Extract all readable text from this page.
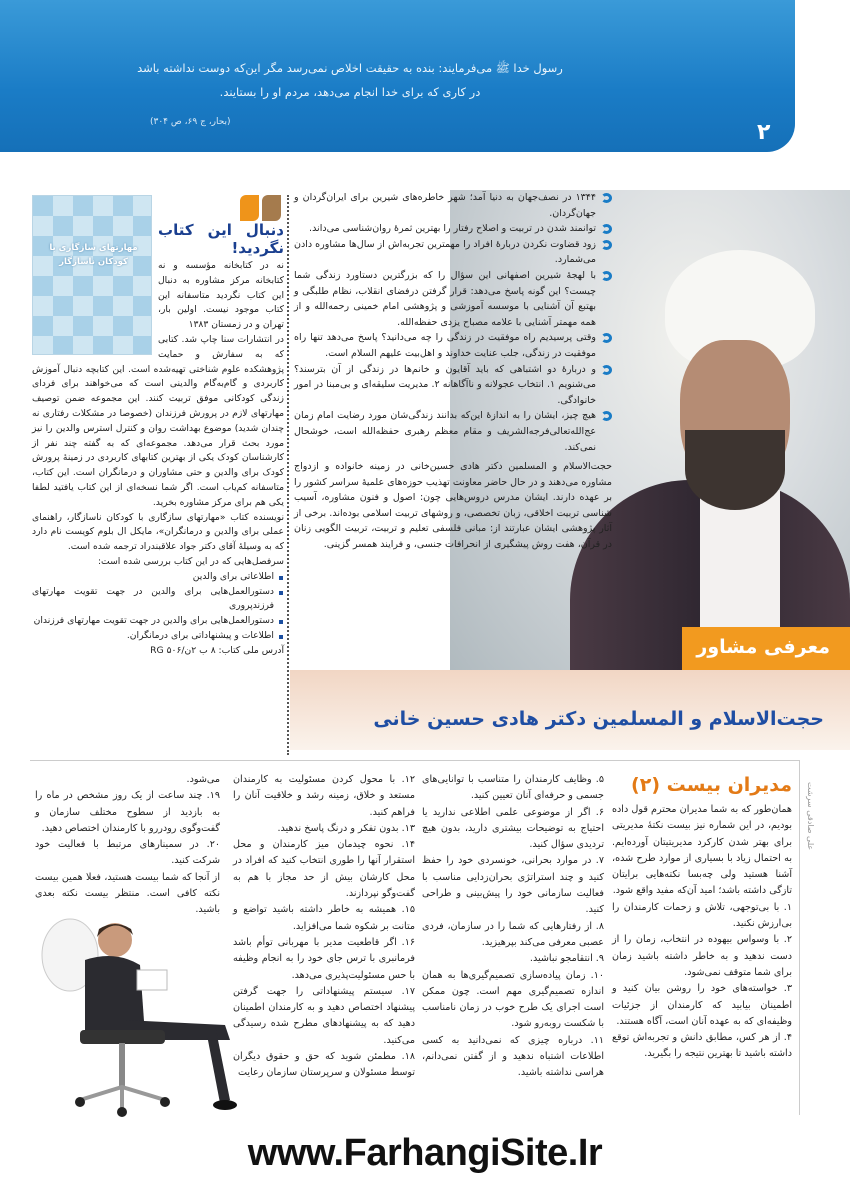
رسول خدا ﷺ می‌فرمایند: بنده به حقیقت اخلاص نمی‌رسد مگر این‌که دوست نداشته باشد
در کاری که برای خدا انجام می‌دهد، مردم او را بستایند.
(بحار، ج ۶۹، ص ۳۰۴)	۲
۱۳۴۴ در نصف‌جهان به دنیا آمد؛ شهر خاطره‌های شیرین برای ایران‌گردان و جهان‌گردان.
توانمند شدن در تربیت و اصلاح رفتار را بهترین ثمرهٔ روان‌شناسی می‌داند.
زود قضاوت نکردن دربارهٔ افراد را مهمترین تجربه‌اش از سال‌ها مشاوره دادن می‌شمارد.
با لهجهٔ شیرین اصفهانی این سؤال را که بزرگترین دستاورد زندگی شما چیست؟ این گونه پاسخ می‌دهد: قرار گرفتن درفضای انقلاب، نظام طلبگی و بهتبع آن آشنایی با موسسه آموزشی و پژوهشی امام خمینی رحمه‌الله و از همه مهمتر آشنایی با علامه مصباح یزدی حفظه‌الله.
وقتی پرسیدیم راه موفقیت در زندگی را چه می‌دانید؟ پاسخ می‌دهد تنها راه موفقیت در زندگی، جلب عنایت خداوند و اهل‌بیت علیهم السلام است.
و دربارهٔ دو اشتباهی که باید آقایون و خانم‌ها در زندگی از آن بترسند؟ می‌شنویم ۱. انتخاب عجولانه و ناآگاهانه ۲. مدیریت سلیقه‌ای و بی‌مبنا در امور خانوادگی.
هیچ چیز، ایشان را به اندازهٔ این‌که بدانند زندگی‌شان مورد رضایت امام زمان عج‌الله‌تعالی‌فرجه‌الشریف و مقام معظم رهبری حفظه‌الله است، خوشحال نمی‌کند.

حجت‌الاسلام و المسلمین دکتر هادی حسین‌خانی در زمینه خانواده و ازدواج مشاوره می‌دهند و در حال حاضر معاونت تهذیب حوزه‌های علمیهٔ سراسر کشور را بر عهده دارند. ایشان مدرس دروس‌هایی چون: اصول و فنون مشاوره، آسیب شناسی تربیت اخلاقی، زبان تخصصی، و روشهای تربیت اسلامی بوده‌اند. برخی از آثار پژوهشی ایشان عبارتند از: مبانی فلسفی تعلیم و تربیت، تربیت الگویی زنان در قرآن، هفت روش پیشگیری از انحرافات جنسی، و فرایند همسر گزینی.

معرفی مشاور
حجت‌الاسلام و المسلمین دکتر هادی حسین خانی
مهارتهای سازگاری با کودکان ناسازگار
دنبال این کتاب نگردید!

نه در کتابخانه مؤسسه و نه کتابخانه مرکز مشاوره به دنبال این کتاب نگردید متاسفانه این کتاب موجود نیست. اولین بار، تهران و در زمستان ۱۳۸۳

در انتشارات سنا چاپ شد. کتابی که به سفارش و حمایت پژوهشکده علوم شناختی تهیه‌شده است. این کتابچه دنبال آموزش کاربردی و گام‌به‌گام والدینی است که می‌خواهند برای فردای زندگی کودکانی موفق تربیت کنند. این مجموعه ضمن توصیف مهارتهای لازم در پرورش فرزندان (خصوصا در مشکلات رفتاری نه چندان شدید) موضوع بهداشت روان و کنترل استرس والدین را نیز مورد بحث قرار می‌دهد. مجموعه‌ای که به گفته چند نفر از کارشناسان کودک یکی از بهترین کتابهای کاربردی در زمینهٔ پرورش کودک برای والدین و حتی مشاوران و درمانگران است. این کتاب، متاسفانه کم‌یاب است. اگر شما نسخه‌ای از این کتاب یافتید لطفا یکی هم برای مرکز مشاوره بخرید.

نویسنده کتاب «مهارتهای سازگاری با کودکان ناسازگار، راهنمای عملی برای والدین و درمانگران»، مایکل ال بلوم کویست نام دارد که به وسیلهٔ آقای دکتر جواد علاقبندراد ترجمه شده است.

سرفصل‌هایی که در این کتاب بررسی شده است:

اطلاعاتی برای والدین
دستورالعمل‌هایی برای والدین در جهت تقویت مهارتهای فرزندپروری
دستورالعمل‌هایی برای والدین در جهت تقویت مهارتهای فرزندان
اطلاعات و پیشنهاداتی برای درمانگران.

آدرس ملی کتاب: ۸ ب ۲ن/۵۰۶ RG

علی صادقی سرشت
مدیران بیست (۲)

همان‌طور که به شما مدیران محترم قول داده بودیم، در این شماره نیز بیست نکتهٔ مدیریتی برای بهتر شدن کارکرد مدیریتیتان آورده‌ایم. به احتمال زیاد با بسیاری از موارد طرح شده، آشنا هستید ولی چه‌بسا نکته‌هایی برایتان تازگی داشته باشد؛ امید آن‌که مفید واقع شود.

۱. با بی‌توجهی، تلاش و زحمات کارمندان را بی‌ارزش نکنید.

۲. با وسواس بیهوده در انتخاب، زمان را از دست ندهید و به خاطر داشته باشید زمان برای شما متوقف نمی‌شود.

۳. خواسته‌های خود را روشن بیان کنید و اطمینان بیابید که کارمندان از جزئیات وظیفه‌ای که به عهده آنان است، آگاه هستند.

۴. از هر کس، مطابق دانش و تجربه‌اش توقع داشته باشید تا بهترین نتیجه را بگیرید.

۵. وظایف کارمندان را متناسب با توانایی‌های جسمی و حرفه‌ای آنان تعیین کنید.

۶. اگر از موضوعی علمی اطلاعی ندارید یا احتیاج به توضیحات بیشتری دارید، بدون هیچ تردیدی سؤال کنید.

۷. در موارد بحرانی، خونسردی خود را حفظ کنید و چند استراتژی بحران‌زدایی مناسب با فعالیت سازمانی خود را پیش‌بینی و طراحی کنید.

۸. از رفتارهایی که شما را در سازمان، فردی عصبی معرفی می‌کند بپرهیزید.

۹. انتقامجو نباشید.

۱۰. زمان پیاده‌سازی تصمیم‌گیری‌ها به همان اندازه تصمیم‌گیری مهم است. چون ممکن است اجرای یک طرح خوب در زمان نامناسب با شکست روبه‌رو شود.

۱۱. درباره چیزی که نمی‌دانید به کسی اطلاعات اشتباه ندهید و از گفتن نمی‌دانم، هراسی نداشته باشید.

۱۲. با محول کردن مسئولیت به کارمندان مستعد و خلاق، زمینه رشد و خلاقیت آنان را فراهم کنید.

۱۳. بدون تفکر و درنگ پاسخ ندهید.

۱۴. نحوه چیدمان میز کارمندان و محل استقرار آنها را طوری انتخاب کنید که افراد در محل کارشان بیش از حد مجاز با هم به گفت‌وگو نپردازند.

۱۵. همیشه به خاطر داشته باشید تواضع و متانت بر شکوه شما می‌افزاید.

۱۶. اگر قاطعیت مدیر با مهربانی توأم باشد فرمانبری با ترس جای خود را به انجام وظیفه با حس مسئولیت‌پذیری می‌دهد.

۱۷. سیستم پیشنهاداتی را جهت گرفتن پیشنهاد اختصاص دهید و به کارمندان اطمینان دهید که به پیشنهادهای مطرح شده رسیدگی می‌کنید.

۱۸. مطمئن شوید که حق و حقوق دیگران توسط مسئولان و سرپرستان سازمان رعایت

می‌شود.

۱۹. چند ساعت از یک روز مشخص در ماه را به بازدید از سطوح مختلف سازمان و گفت‌وگوی رودررو با کارمندان اختصاص دهید.

۲۰. در سمینارهای مرتبط با فعالیت خود شرکت کنید.

از آنجا که شما بیست هستید، فعلا همین بیست نکته کافی است. منتظر بیست نکته بعدی باشید.

www.FarhangiSite.Ir
